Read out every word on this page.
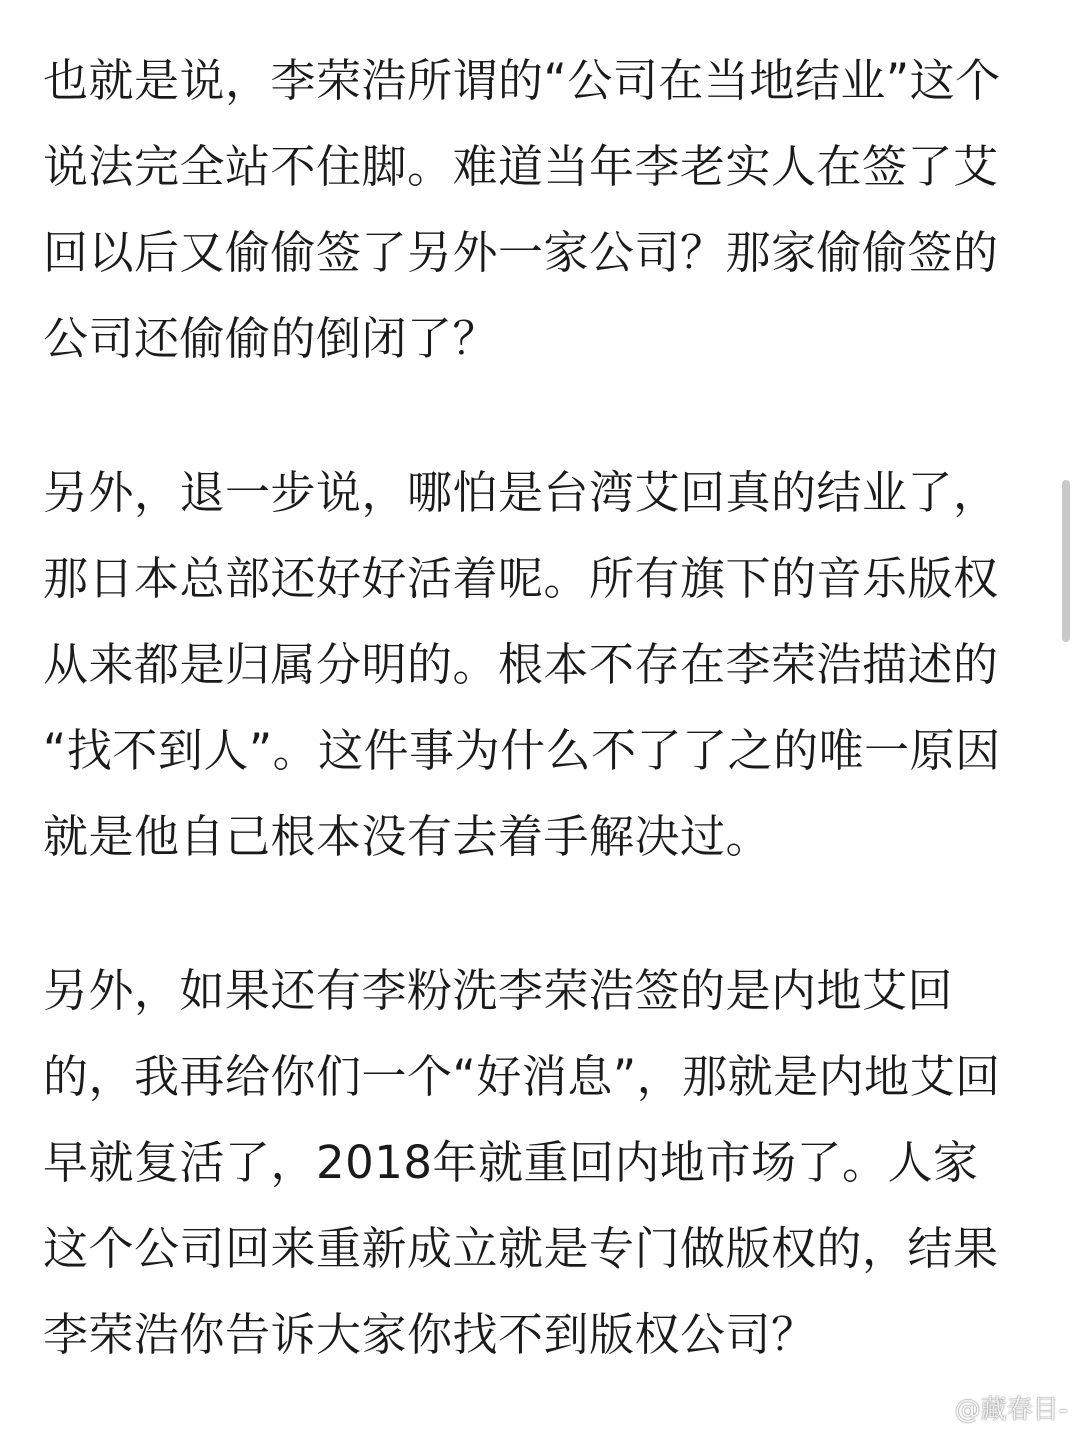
也就是说，李荣浩所谓的“公司在当地结业”这个
说法完全站不住脚。难道当年李老实人在签了艾
回以后又偷偷签了另外一家公司？那家偷偷签的
公司还偷偷的倒闭了？

另外，退一步说，哪怕是台湾艾回真的结业了，
那日本总部还好好活着呢。所有旗下的音乐版权
从来都是归属分明的。根本不存在李荣浩描述的
“找不到人”。这件事为什么不了了之的唯一原因
就是他自己根本没有去着手解决过。

另外，如果还有李粉洗李荣浩签的是内地艾回
的，我再给你们一个“好消息”，那就是内地艾回
早就复活了，2018年就重回内地市场了。人家
这个公司回来重新成立就是专门做版权的，结果
李荣浩你告诉大家你找不到版权公司？

@藏春目-
